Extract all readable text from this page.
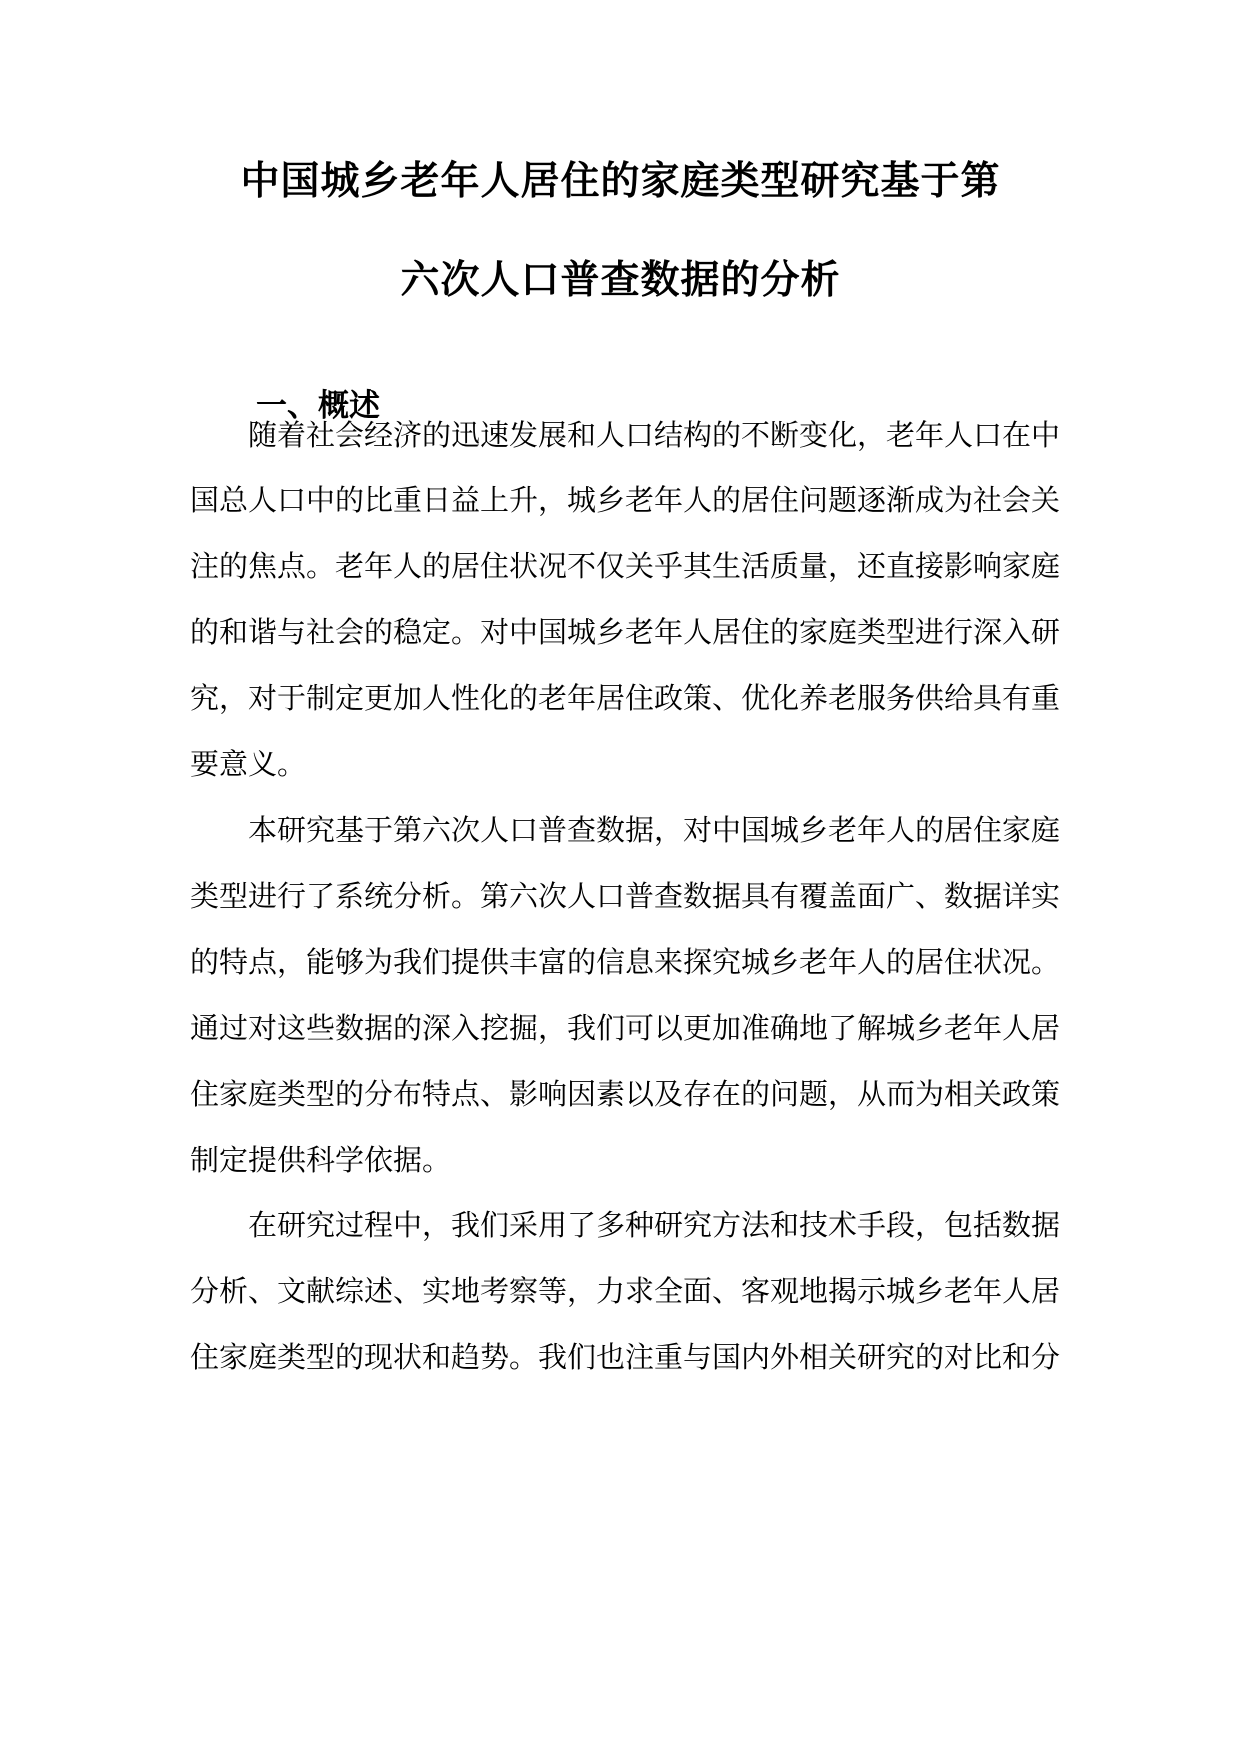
中国城乡老年人居住的家庭类型研究基于第
六次人口普查数据的分析
一、概述
随着社会经济的迅速发展和人口结构的不断变化，老年人口在中
国总人口中的比重日益上升，城乡老年人的居住问题逐渐成为社会关
注的焦点。老年人的居住状况不仅关乎其生活质量，还直接影响家庭
的和谐与社会的稳定。对中国城乡老年人居住的家庭类型进行深入研
究，对于制定更加人性化的老年居住政策、优化养老服务供给具有重
要意义。
本研究基于第六次人口普查数据，对中国城乡老年人的居住家庭
类型进行了系统分析。第六次人口普查数据具有覆盖面广、数据详实
的特点，能够为我们提供丰富的信息来探究城乡老年人的居住状况。
通过对这些数据的深入挖掘，我们可以更加准确地了解城乡老年人居
住家庭类型的分布特点、影响因素以及存在的问题，从而为相关政策
制定提供科学依据。
在研究过程中，我们采用了多种研究方法和技术手段，包括数据
分析、文献综述、实地考察等，力求全面、客观地揭示城乡老年人居
住家庭类型的现状和趋势。我们也注重与国内外相关研究的对比和分
